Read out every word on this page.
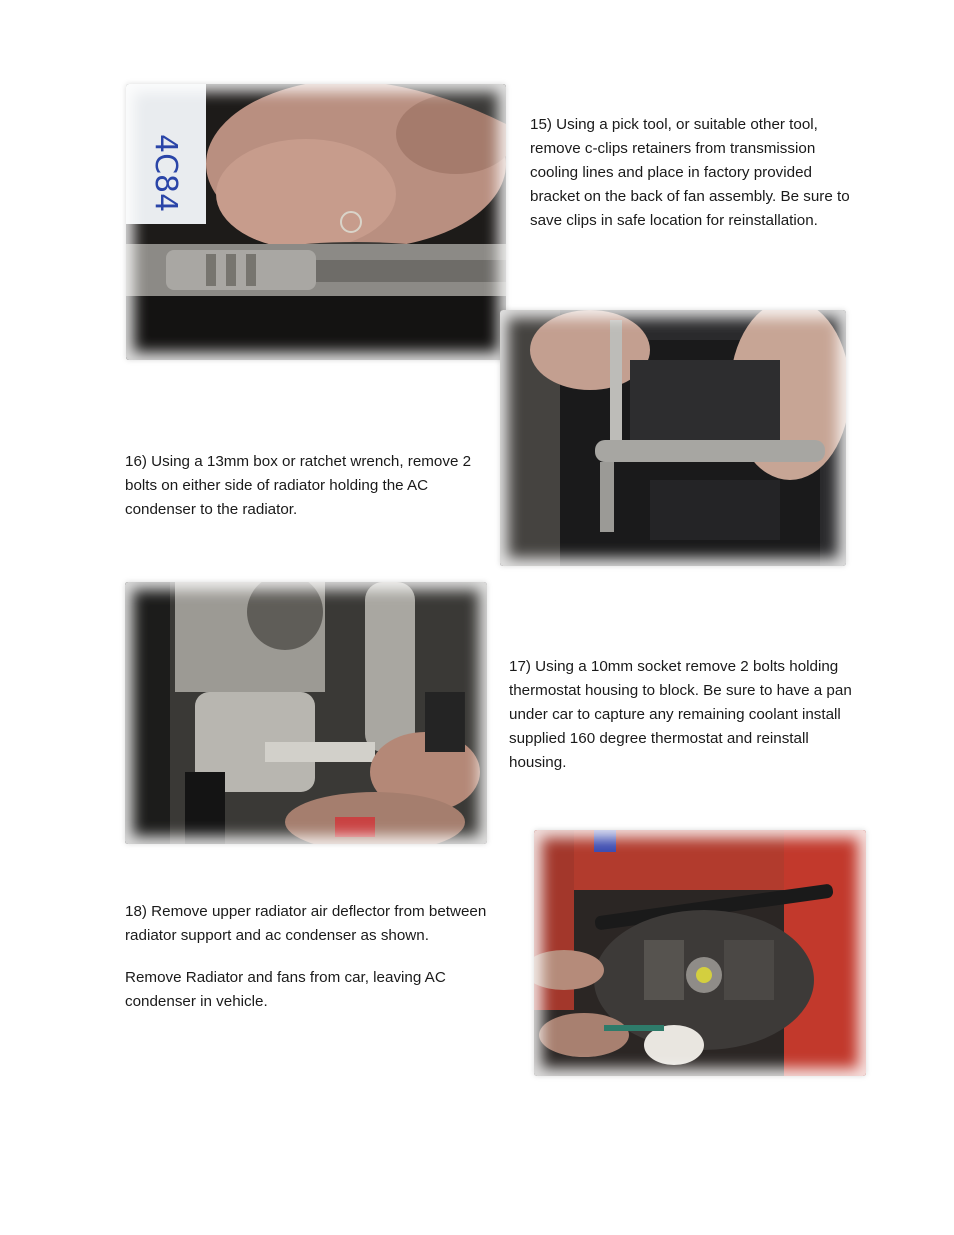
4C84

15) Using a pick tool, or suitable other tool, remove c-clips retainers from transmission cooling lines and place in factory provided bracket on the back of fan assembly. Be sure to save clips in safe location for reinstallation.

16) Using a 13mm box or ratchet wrench, remove 2 bolts on either side of radiator holding the AC condenser to the radiator.

17) Using a 10mm socket remove 2 bolts holding thermostat housing to block. Be sure to have a pan under car to capture any remaining coolant install supplied 160 degree thermostat and reinstall housing.

18) Remove upper radiator air deflector from between radiator support and ac condenser as shown.

Remove Radiator and fans from car, leaving AC condenser in vehicle.
